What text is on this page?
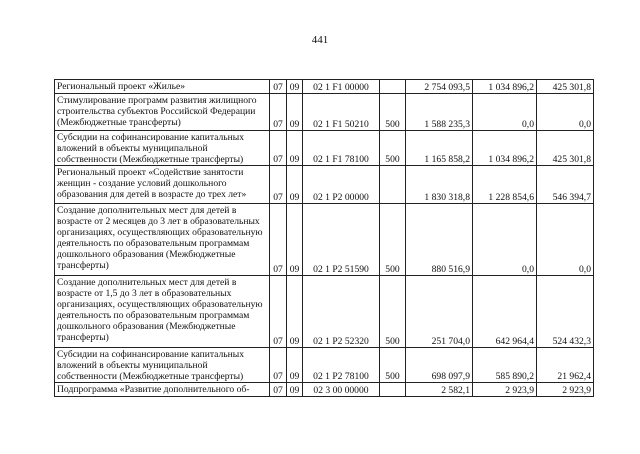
441
Региональный проект «Жилье»	07	09	02 1 F1 00000		2 754 093,5	1 034 896,2	425 301,8
Стимулирование программ развития жилищного строительства субъектов Российской Федерации (Межбюджетные трансферты)	07	09	02 1 F1 50210	500	1 588 235,3	0,0	0,0
Субсидии на софинансирование капитальных вложений в объекты муниципальной собственности (Межбюджетные трансферты)	07	09	02 1 F1 78100	500	1 165 858,2	1 034 896,2	425 301,8
Региональный проект «Содействие занятости женщин - создание условий дошкольного образования для детей в возрасте до трех лет»	07	09	02 1 P2 00000		1 830 318,8	1 228 854,6	546 394,7
Создание дополнительных мест для детей в возрасте от 2 месяцев до 3 лет в образовательных организациях, осуществляющих образовательную деятельность по образовательным программам дошкольного образования (Межбюджетные трансферты)	07	09	02 1 P2 51590	500	880 516,9	0,0	0,0
Создание дополнительных мест для детей в возрасте от 1,5 до 3 лет в образовательных организациях, осуществляющих образовательную деятельность по образовательным программам дошкольного образования (Межбюджетные трансферты)	07	09	02 1 P2 52320	500	251 704,0	642 964,4	524 432,3
Субсидии на софинансирование капитальных вложений в объекты муниципальной собственности (Межбюджетные трансферты)	07	09	02 1 P2 78100	500	698 097,9	585 890,2	21 962,4
Подпрограмма «Развитие дополнительного об-	07	09	02 3 00 00000		2 582,1	2 923,9	2 923,9
